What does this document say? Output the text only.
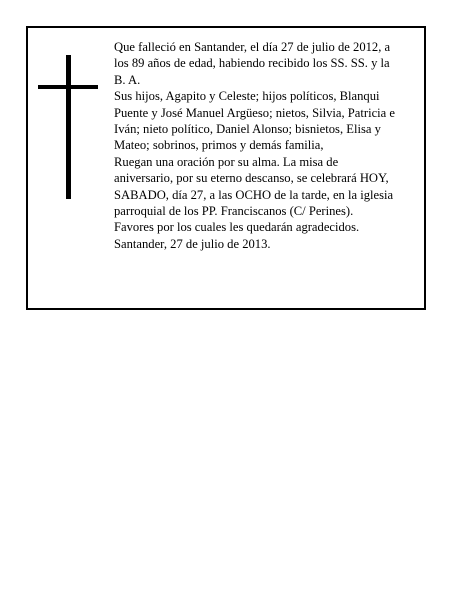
Que falleció en Santander, el día 27 de julio de 2012, a
los 89 años de edad, habiendo recibido los SS. SS. y la
B. A.
Sus hijos, Agapito y Celeste; hijos políticos, Blanqui
Puente y José Manuel Argüeso; nietos, Silvia, Patricia e
Iván; nieto político, Daniel Alonso; bisnietos, Elisa y
Mateo; sobrinos, primos y demás familia,
Ruegan una oración por su alma. La misa de
aniversario, por su eterno descanso, se celebrará HOY,
SABADO, día 27, a las OCHO de la tarde, en la iglesia
parroquial de los PP. Franciscanos (C/ Perines).
Favores por los cuales les quedarán agradecidos.
Santander, 27 de julio de 2013.
